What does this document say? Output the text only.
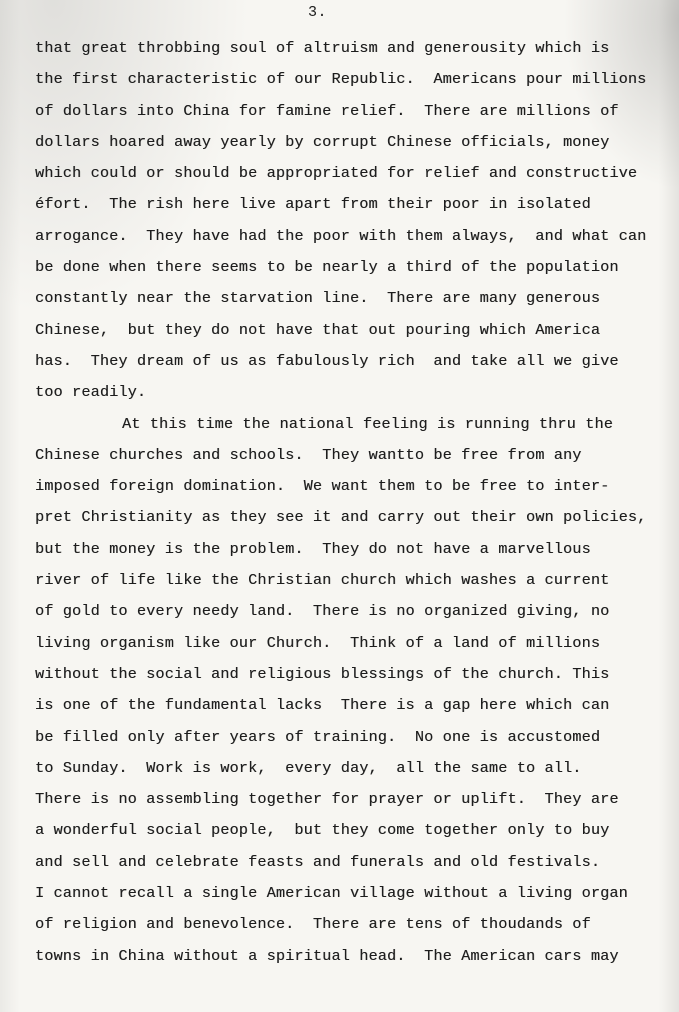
3.
that great throbbing soul of altruism and generousity which is
the first characteristic of our Republic.  Americans pour millions
of dollars into China for famine relief.  There are millions of
dollars hoared away yearly by corrupt Chinese officials, money
which could or should be appropriated for relief and constructive
éfort.  The rish here live apart from their poor in isolated
arrogance.  They have had the poor with them always,  and what can
be done when there seems to be nearly a third of the population
constantly near the starvation line.  There are many generous
Chinese,  but they do not have that out pouring which America
has.  They dream of us as fabulously rich  and take all we give
too readily.
At this time the national feeling is running thru the
Chinese churches and schools.  They wantto be free from any
imposed foreign domination.  We want them to be free to inter-
pret Christianity as they see it and carry out their own policies,
but the money is the problem.  They do not have a marvellous
river of life like the Christian church which washes a current
of gold to every needy land.  There is no organized giving, no
living organism like our Church.  Think of a land of millions
without the social and religious blessings of the church. This
is one of the fundamental lacks  There is a gap here which can
be filled only after years of training.  No one is accustomed
to Sunday.  Work is work,  every day,  all the same to all.
There is no assembling together for prayer or uplift.  They are
a wonderful social people,  but they come together only to buy
and sell and celebrate feasts and funerals and old festivals.
I cannot recall a single American village without a living organ
of religion and benevolence.  There are tens of thoudands of
towns in China without a spiritual head.  The American cars may
